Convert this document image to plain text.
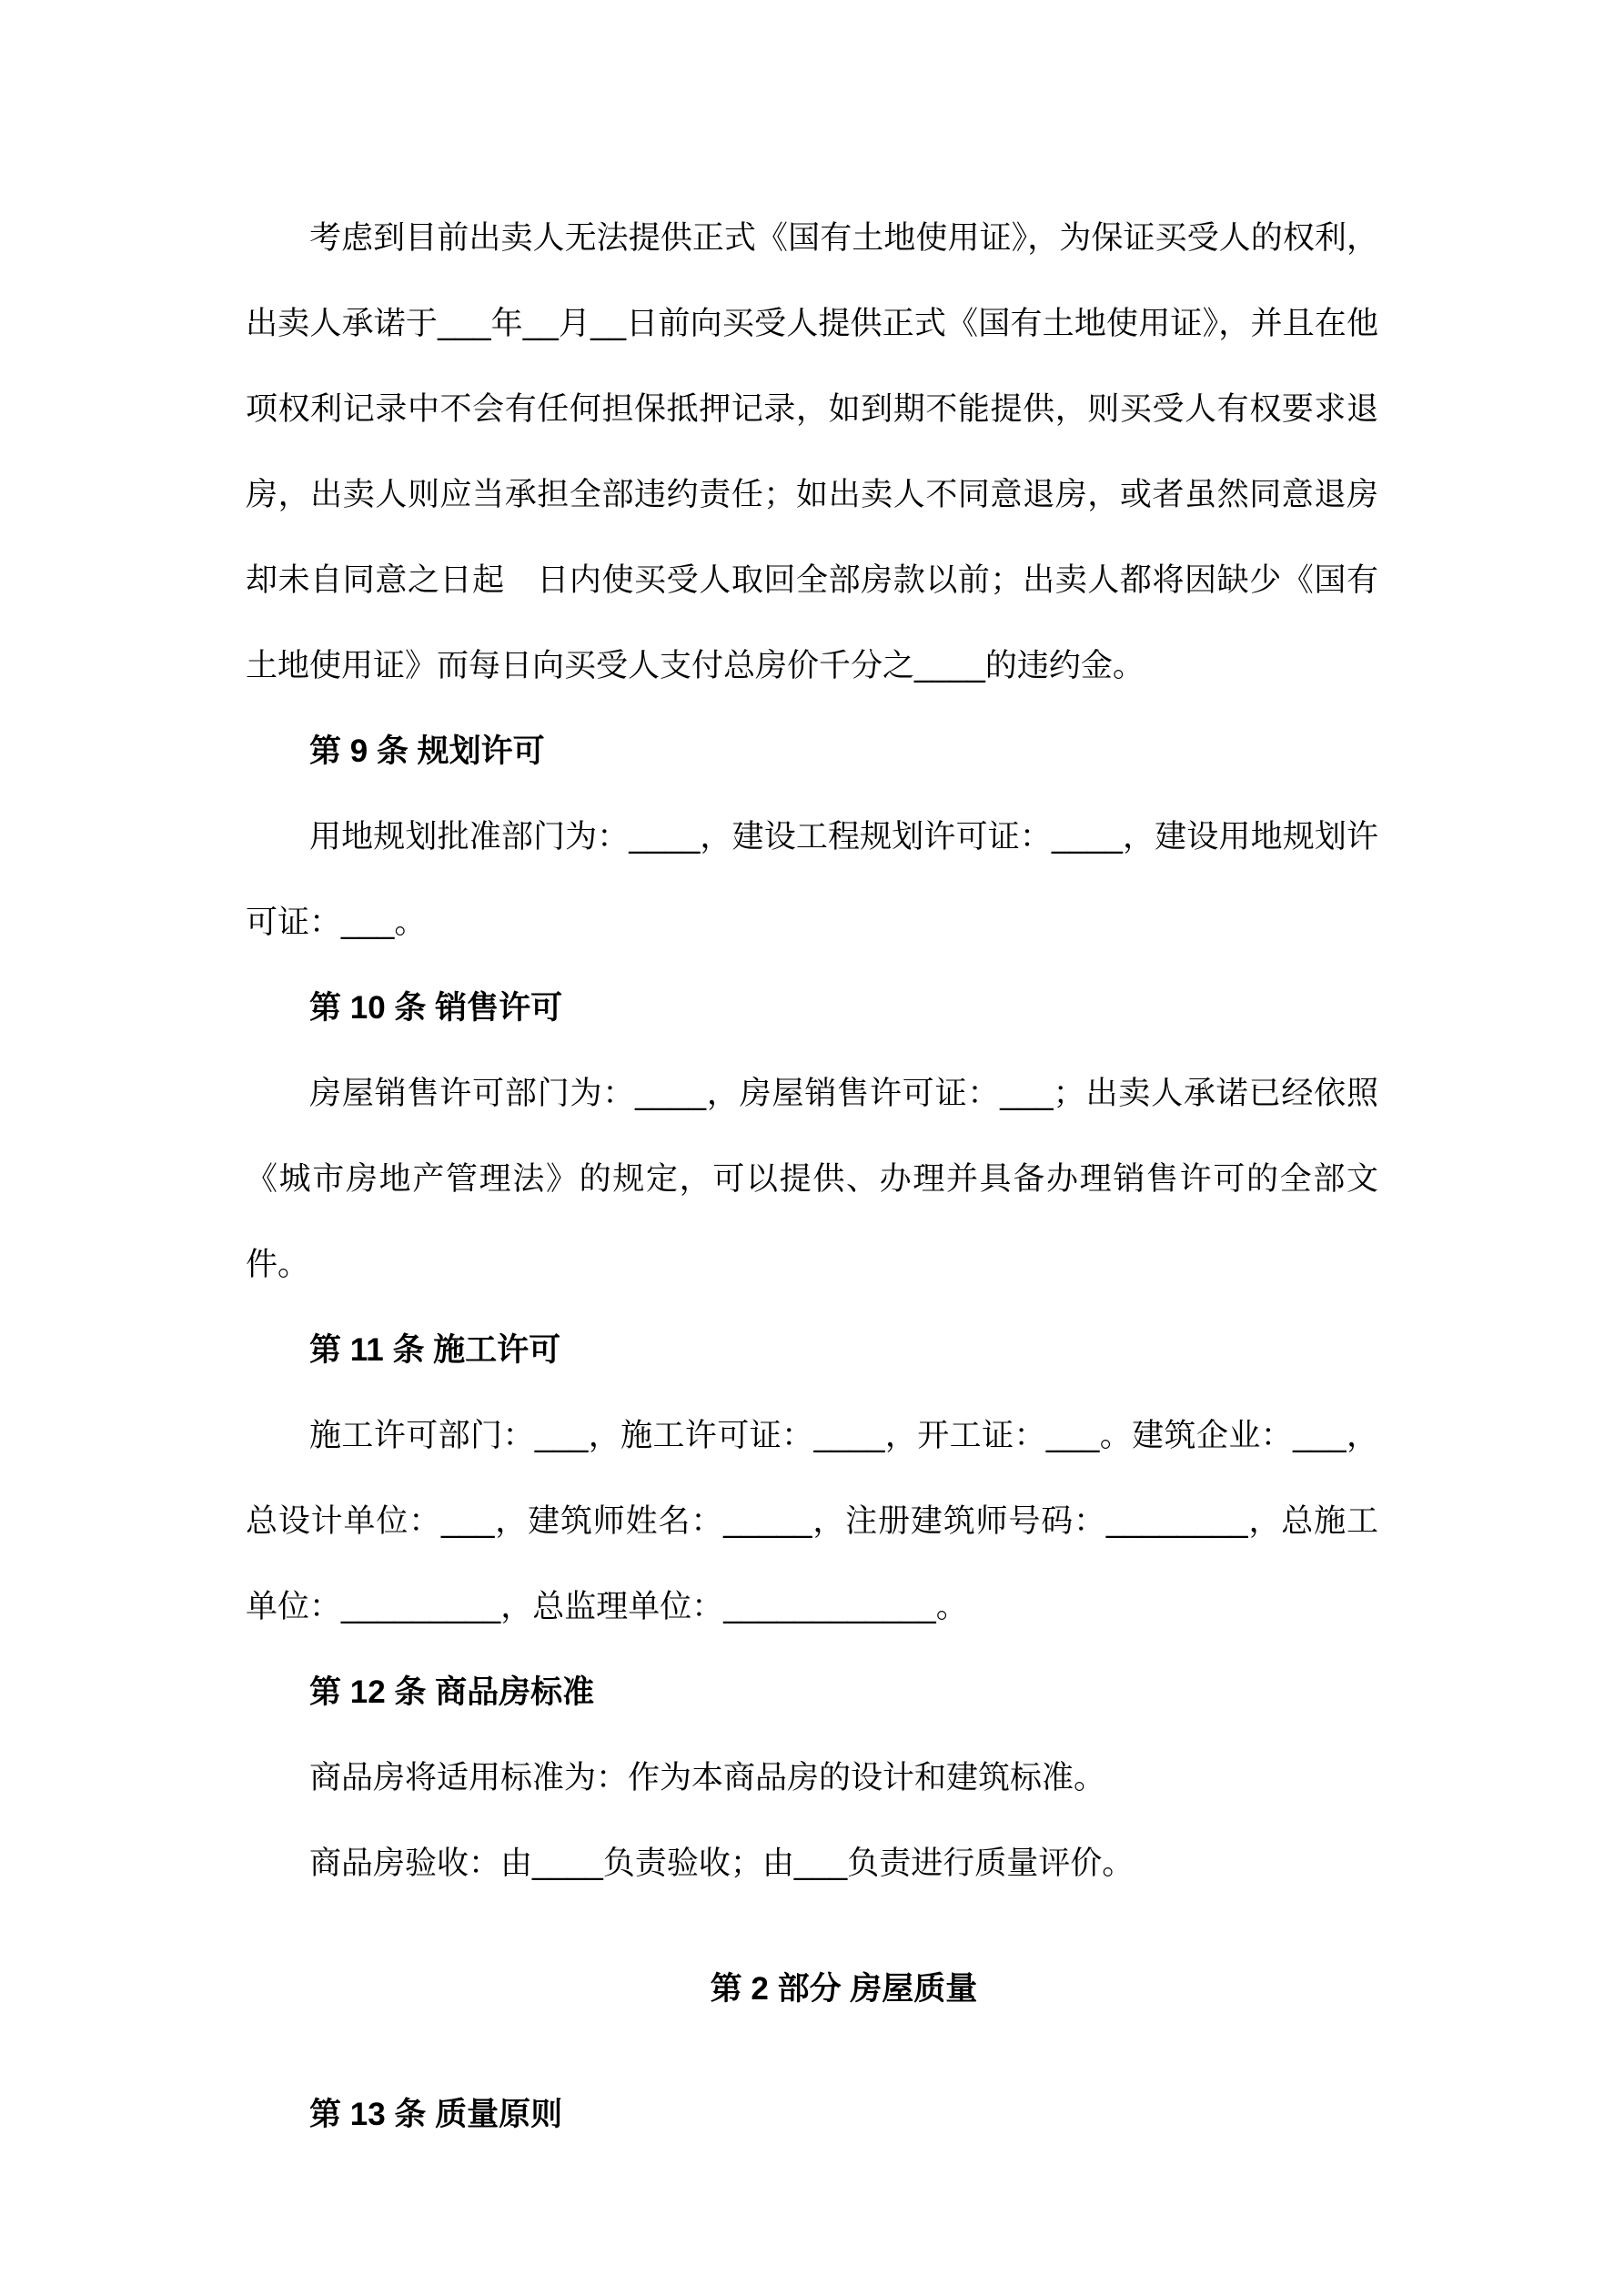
考虑到目前出卖人无法提供正式《国有土地使用证》，为保证买受人的权利，出卖人承诺于___年__月__日前向买受人提供正式《国有土地使用证》，并且在他项权利记录中不会有任何担保抵押记录，如到期不能提供，则买受人有权要求退房，出卖人则应当承担全部违约责任；如出卖人不同意退房，或者虽然同意退房却未自同意之日起　日内使买受人取回全部房款以前；出卖人都将因缺少《国有土地使用证》而每日向买受人支付总房价千分之____的违约金。

第 9 条 规划许可

用地规划批准部门为：____，建设工程规划许可证：____，建设用地规划许可证：___。

第 10 条 销售许可

房屋销售许可部门为：____，房屋销售许可证：___；出卖人承诺已经依照《城市房地产管理法》的规定，可以提供、办理并具备办理销售许可的全部文件。

第 11 条 施工许可

施工许可部门：___，施工许可证：____，开工证：___。建筑企业：___，总设计单位：___，建筑师姓名：_____，注册建筑师号码：________，总施工单位：_________，总监理单位：____________。

第 12 条 商品房标准

商品房将适用标准为：作为本商品房的设计和建筑标准。

商品房验收：由____负责验收；由___负责进行质量评价。

第 2 部分 房屋质量

第 13 条 质量原则
